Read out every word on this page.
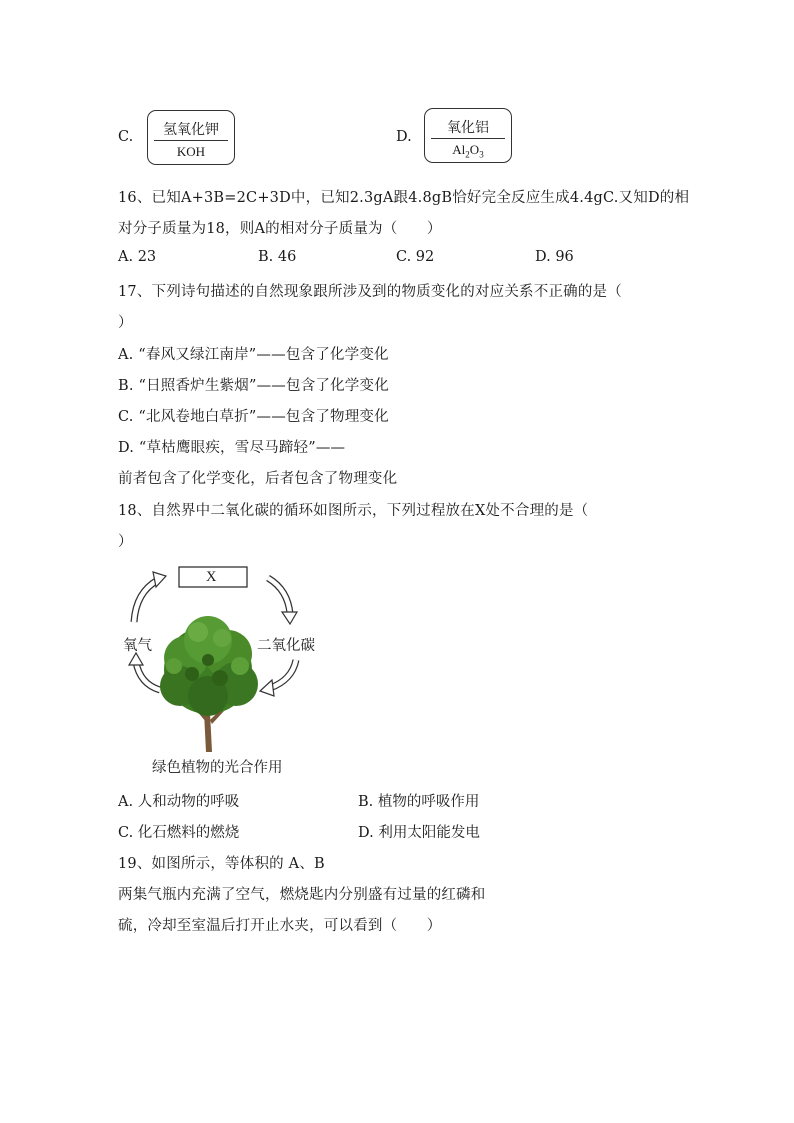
C.	氢氧化钾
KOH
D.
氧化铝
$Al_2O_3$
16、已知A+3B=2C+3D中，已知2.3gA跟4.8gB恰好完全反应生成4.4gC.又知D的相
对分子质量为18，则A的相对分子质量为（　　）
A. 23	B. 46	C. 92	D. 96
17、下列诗句描述的自然现象跟所涉及到的物质变化的对应关系不正确的是（
）
A. “春风又绿江南岸”——包含了化学变化
B. “日照香炉生紫烟”——包含了化学变化
C. “北风卷地白草折”——包含了物理变化
D. “草枯鹰眼疾，雪尽马蹄轻”——
前者包含了化学变化，后者包含了物理变化
18、自然界中二氧化碳的循环如图所示，下列过程放在X处不合理的是（
）
X
氧气	二氧化碳
绿色植物的光合作用
A. 人和动物的呼吸	B. 植物的呼吸作用
C. 化石燃料的燃烧	D. 利用太阳能发电
19、如图所示，等体积的 A、B
两集气瓶内充满了空气，燃烧匙内分别盛有过量的红磷和
硫，冷却至室温后打开止水夹，可以看到（　　）
